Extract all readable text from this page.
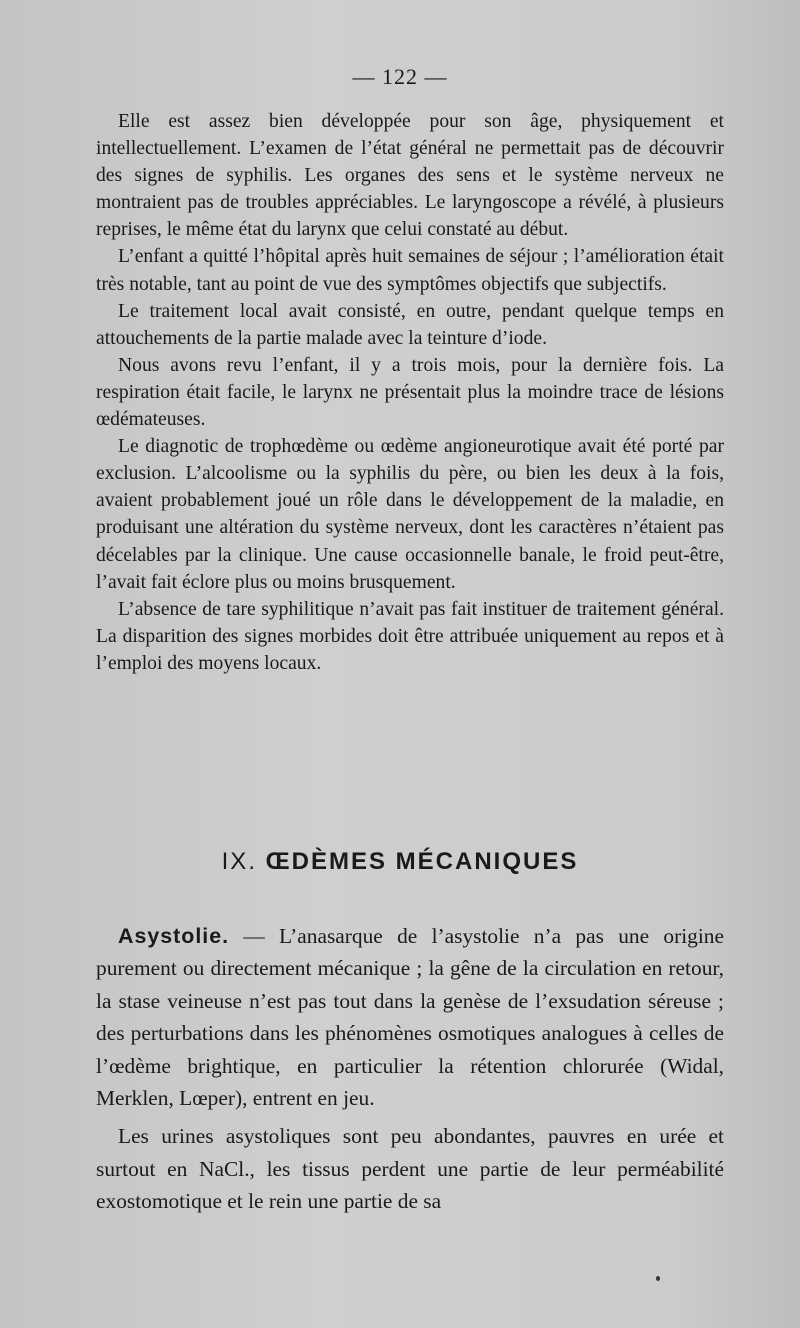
— 122 —

Elle est assez bien développée pour son âge, physiquement et intellectuellement. L’examen de l’état général ne permettait pas de découvrir des signes de syphilis. Les organes des sens et le système nerveux ne montraient pas de troubles appréciables. Le laryngoscope a révélé, à plusieurs reprises, le même état du larynx que celui constaté au début.

L’enfant a quitté l’hôpital après huit semaines de séjour ; l’amélioration était très notable, tant au point de vue des symptômes objectifs que subjectifs.

Le traitement local avait consisté, en outre, pendant quelque temps en attouchements de la partie malade avec la teinture d’iode.

Nous avons revu l’enfant, il y a trois mois, pour la dernière fois. La respiration était facile, le larynx ne présentait plus la moindre trace de lésions œdémateuses.

Le diagnotic de trophœdème ou œdème angioneurotique avait été porté par exclusion. L’alcoolisme ou la syphilis du père, ou bien les deux à la fois, avaient probablement joué un rôle dans le développement de la maladie, en produisant une altération du système nerveux, dont les caractères n’étaient pas décelables par la clinique. Une cause occasionnelle banale, le froid peut-être, l’avait fait éclore plus ou moins brusquement.

L’absence de tare syphilitique n’avait pas fait instituer de traitement général. La disparition des signes morbides doit être attribuée uniquement au repos et à l’emploi des moyens locaux.

IX. ŒDÈMES MÉCANIQUES

Asystolie. — L’anasarque de l’asystolie n’a pas une origine purement ou directement mécanique ; la gêne de la circulation en retour, la stase veineuse n’est pas tout dans la genèse de l’exsudation séreuse ; des perturbations dans les phénomènes osmotiques analogues à celles de l’œdème brightique, en particulier la rétention chlorurée (Widal, Merklen, Lœper), entrent en jeu.

Les urines asystoliques sont peu abondantes, pauvres en urée et surtout en NaCl., les tissus perdent une partie de leur perméabilité exostomotique et le rein une partie de sa
